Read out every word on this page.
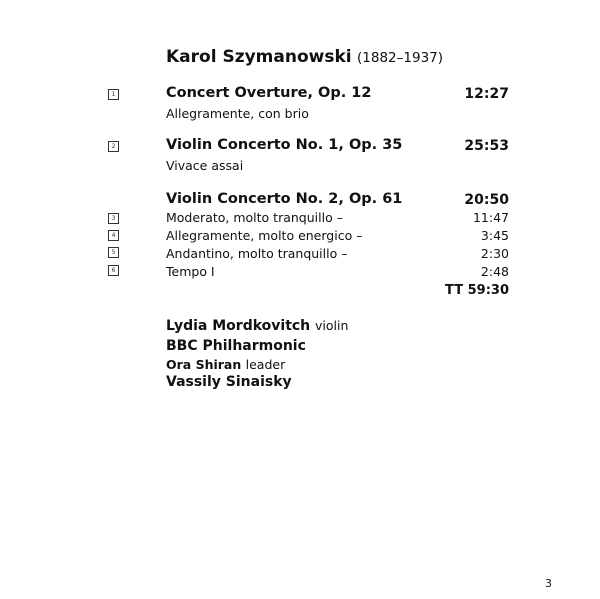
Karol Szymanowski (1882–1937)
1	Concert Overture, Op. 12	12:27
Allegramente, con brio
2	Violin Concerto No. 1, Op. 35	25:53
Vivace assai
Violin Concerto No. 2, Op. 61	20:50
3	Moderato, molto tranquillo –	11:47
4	Allegramente, molto energico –	3:45
5	Andantino, molto tranquillo –	2:30
6	Tempo I	2:48
TT 59:30
Lydia Mordkovitch violin
BBC Philharmonic
Ora Shiran leader
Vassily Sinaisky
3
